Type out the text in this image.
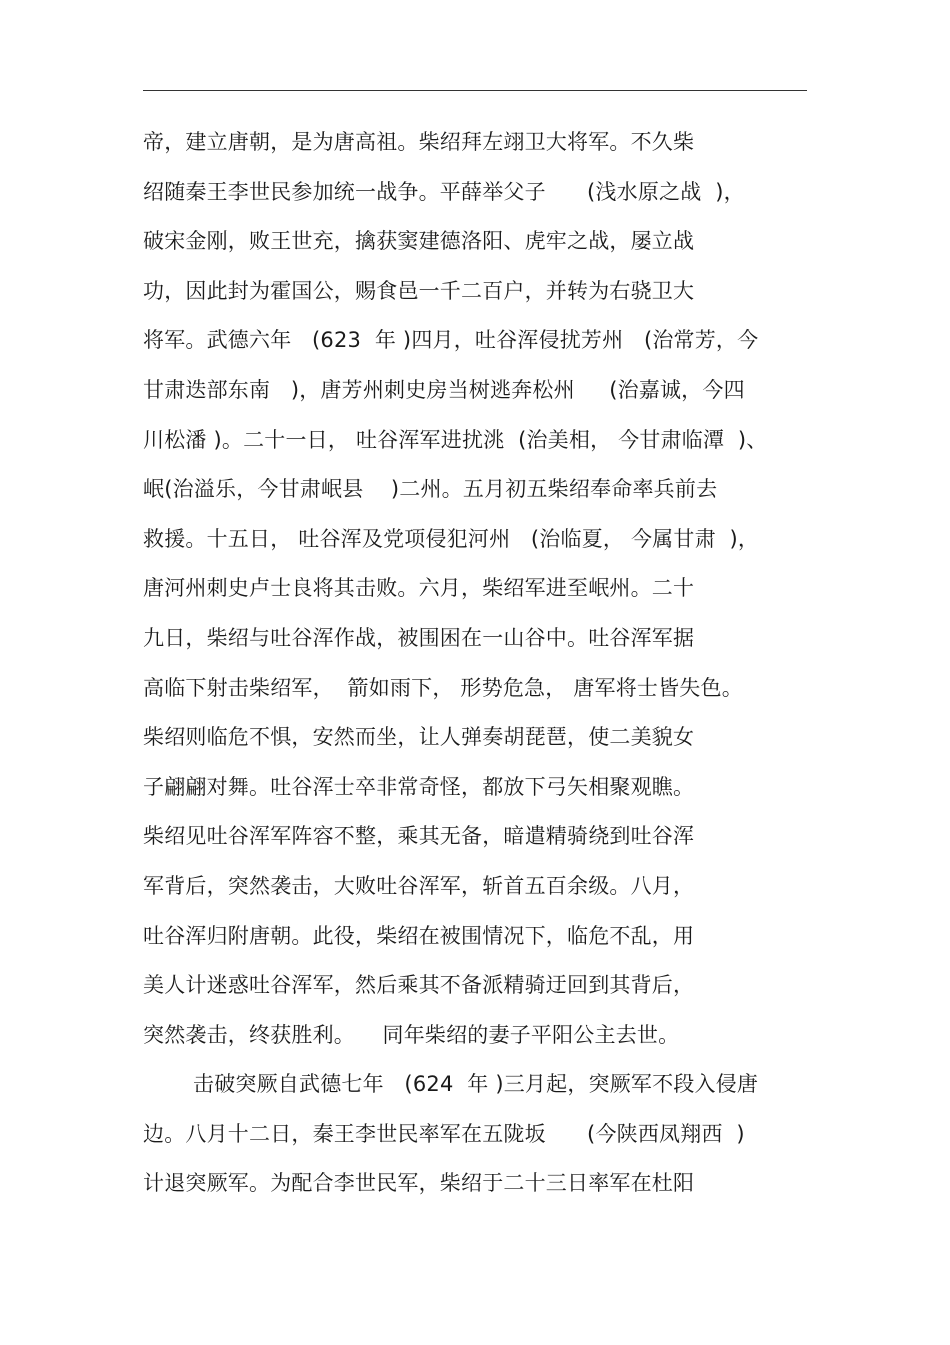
帝，建立唐朝，是为唐高祖。柴绍拜左翊卫大将军。不久柴
绍随秦王李世民参加统一战争。平薛举父子      (浅水原之战  )，
破宋金刚，败王世充，擒获窦建德洛阳、虎牢之战，屡立战
功，因此封为霍国公，赐食邑一千二百户，并转为右骁卫大
将军。武德六年   (623  年 )四月，吐谷浑侵扰芳州   (治常芳，今
甘肃迭部东南   )，唐芳州刺史房当树逃奔松州     (治嘉诚，今四
川松潘 )。二十一日， 吐谷浑军进扰洮  (治美相， 今甘肃临潭  )、
岷(治溢乐，今甘肃岷县    )二州。五月初五柴绍奉命率兵前去
救援。十五日， 吐谷浑及党项侵犯河州   (治临夏， 今属甘肃  )，
唐河州刺史卢士良将其击败。六月，柴绍军进至岷州。二十
九日，柴绍与吐谷浑作战，被围困在一山谷中。吐谷浑军据
高临下射击柴绍军，  箭如雨下， 形势危急， 唐军将士皆失色。
柴绍则临危不惧，安然而坐，让人弹奏胡琵琶，使二美貌女
子翩翩对舞。吐谷浑士卒非常奇怪，都放下弓矢相聚观瞧。
柴绍见吐谷浑军阵容不整，乘其无备，暗遣精骑绕到吐谷浑
军背后，突然袭击，大败吐谷浑军，斩首五百余级。八月，
吐谷浑归附唐朝。此役，柴绍在被围情况下，临危不乱，用
美人计迷惑吐谷浑军，然后乘其不备派精骑迂回到其背后，
突然袭击，终获胜利。    同年柴绍的妻子平阳公主去世。
击破突厥自武德七年   (624  年 )三月起，突厥军不段入侵唐
边。八月十二日，秦王李世民率军在五陇坂      (今陕西凤翔西  )
计退突厥军。为配合李世民军，柴绍于二十三日率军在杜阳
